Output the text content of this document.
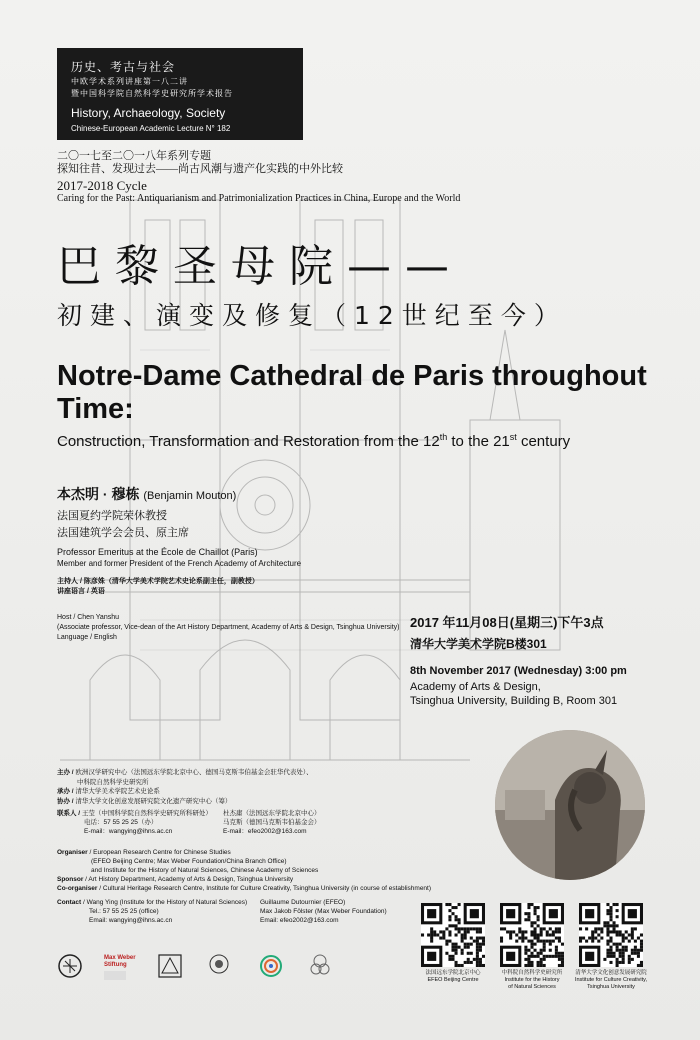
历史、考古与社会
中欧学术系列讲座第一八二讲
暨中国科学院自然科学史研究所学术报告
History, Archaeology, Society
Chinese-European Academic Lecture N° 182
二〇一七至二〇一八年系列专题
探知往昔、发现过去——尚古风潮与遗产化实践的中外比较
2017-2018 Cycle
Caring for the Past: Antiquarianism and Patrimonialization Practices in China, Europe and the World
巴黎圣母院——
初建、演变及修复（12世纪至今）
Notre-Dame Cathedral de Paris throughout Time:
Construction, Transformation and Restoration from the 12th to the 21st century
本杰明 · 穆栋 (Benjamin Mouton)
法国夏约学院荣休教授
法国建筑学会会员、原主席
Professor Emeritus at the École de Chaillot (Paris)
Member and former President of the French Academy of Architecture
主持人 / 陈彦姝（清华大学美术学院艺术史论系副主任，副教授）
讲座语言 / 英语
Host / Chen Yanshu
(Associate professor, Vice-dean of the Art History Department, Academy of Arts & Design, Tsinghua University)
Language / English
2017 年11月08日(星期三)下午3点
清华大学美术学院B楼301
8th November 2017 (Wednesday) 3:00 pm
Academy of Arts & Design,
Tsinghua University, Building B, Room 301
主办 / 欧洲汉学研究中心（法国远东学院北京中心、德国马克斯韦伯基金会驻华代表处）、
中科院自然科学史研究所
承办 / 清华大学美术学院艺术史论系
协办 / 清华大学文化创意发展研究院文化遗产研究中心（筹）
联系人 / 王莹（中国科学院自然科学史研究所科研处）
电话：57 55 25 25（办）
E-mail：wangying@ihns.ac.cn
杜杰庸（法国远东学院北京中心）
马克斯（德国马克斯韦伯基金会）
E-mail：efeo2002@163.com
Organiser / European Research Centre for Chinese Studies
(EFEO Beijing Centre; Max Weber Foundation/China Branch Office)
and Institute for the History of Natural Sciences, Chinese Academy of Sciences
Sponsor / Art History Department, Academy of Arts & Design, Tsinghua University
Co-organiser / Cultural Heritage Research Centre, Institute for Culture Creativity, Tsinghua University (in course of establishment)
Contact / Wang Ying (Institute for the History of Natural Sciences)
Tel.: 57 55 25 25 (office)
Email: wangying@ihns.ac.cn
Guillaume Dutournier (EFEO)
Max Jakob Fölster (Max Weber Foundation)
Email: efeo2002@163.com
法国远东学院北京中心
EFEO Beijing Centre
中科院自然科学史研究所
Institute for the History
of Natural Sciences
清华大学文化创意发展研究院
Institute for Culture Creativity,
Tsinghua University
Max Weber
Stiftung
